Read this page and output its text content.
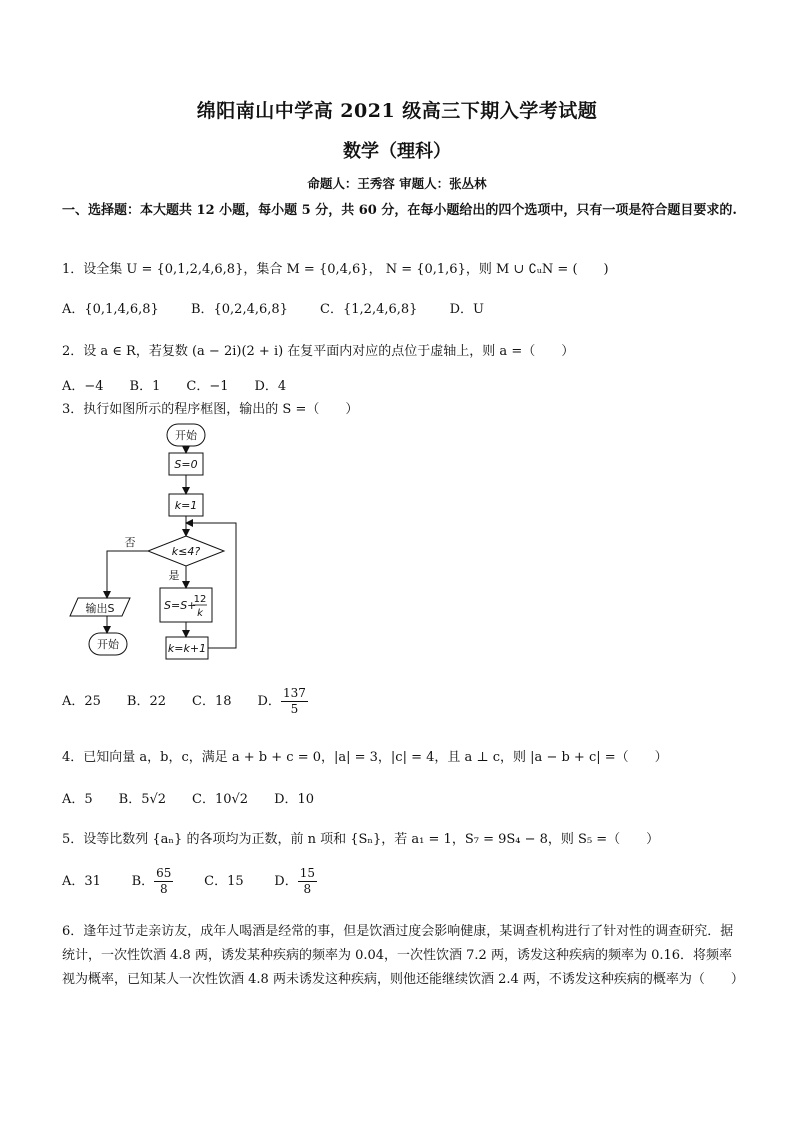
绵阳南山中学高 2021 级高三下期入学考试题
数学（理科）
命题人：王秀容 审题人：张丛林
一、选择题：本大题共 12 小题，每小题 5 分，共 60 分，在每小题给出的四个选项中，只有一项是符合题目要求的.
1．设全集 U = {0,1,2,4,6,8}，集合 M = {0,4,6}， N = {0,1,6}，则 M ∪ ∁ᵤN = (　　)
A．{0,1,4,6,8}　 　B．{0,2,4,6,8}　 　C．{1,2,4,6,8}　 　D．U
2．设 a ∈ R，若复数 (a − 2i)(2 + i) 在复平面内对应的点位于虚轴上，则 a =（　　）
A．−4　　B．1　　C．−1　　D．4
3．执行如图所示的程序框图，输出的 S =（　　）
开始
S=0
k=1
k≤4?
否
是
S=S+
12
k
k=k+1
输出S
开始
A．25　　B．22　　C．18　　D． $\frac{137}{5}$
4．已知向量 a，b，c，满足 a + b + c = 0，|a| = 3，|c| = 4，且 a ⊥ c，则 |a − b + c| =（　　）
A．5　　B．5√2　　C．10√2　　D．10
5．设等比数列 {aₙ} 的各项均为正数，前 n 项和 {Sₙ}，若 a₁ = 1，S₇ = 9S₄ − 8，则 S₅ =（　　）
A．31 B． $\frac{65}{8}$ C．15 D． $\frac{15}{8}$
6．逢年过节走亲访友，成年人喝酒是经常的事，但是饮酒过度会影响健康，某调查机构进行了针对性的调查研究．据统计，一次性饮酒 4.8 两，诱发某种疾病的频率为 0.04，一次性饮酒 7.2 两，诱发这种疾病的频率为 0.16．将频率视为概率，已知某人一次性饮酒 4.8 两未诱发这种疾病，则他还能继续饮酒 2.4 两，不诱发这种疾病的概率为（　　）
